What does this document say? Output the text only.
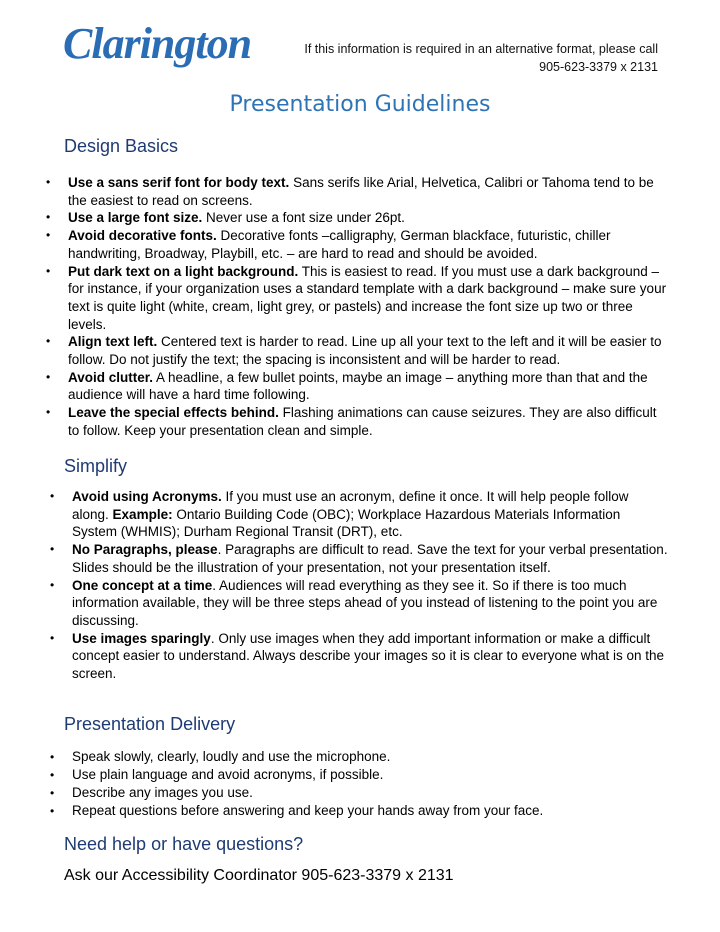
Clarington	If this information is required in an alternative format, please call
905-623-3379 x 2131
Presentation Guidelines
Design Basics
• Use a sans serif font for body text. Sans serifs like Arial, Helvetica, Calibri or Tahoma tend to be the easiest to read on screens.
• Use a large font size. Never use a font size under 26pt.
• Avoid decorative fonts. Decorative fonts –calligraphy, German blackface, futuristic, chiller handwriting, Broadway, Playbill, etc. – are hard to read and should be avoided.
• Put dark text on a light background. This is easiest to read. If you must use a dark background – for instance, if your organization uses a standard template with a dark background – make sure your text is quite light (white, cream, light grey, or pastels) and increase the font size up two or three levels.
• Align text left. Centered text is harder to read. Line up all your text to the left and it will be easier to follow. Do not justify the text; the spacing is inconsistent and will be harder to read.
• Avoid clutter. A headline, a few bullet points, maybe an image – anything more than that and the audience will have a hard time following.
• Leave the special effects behind. Flashing animations can cause seizures. They are also difficult to follow. Keep your presentation clean and simple.
Simplify
• Avoid using Acronyms. If you must use an acronym, define it once. It will help people follow along. Example: Ontario Building Code (OBC); Workplace Hazardous Materials Information System (WHMIS); Durham Regional Transit (DRT), etc.
• No Paragraphs, please. Paragraphs are difficult to read. Save the text for your verbal presentation. Slides should be the illustration of your presentation, not your presentation itself.
• One concept at a time. Audiences will read everything as they see it. So if there is too much information available, they will be three steps ahead of you instead of listening to the point you are discussing.
• Use images sparingly. Only use images when they add important information or make a difficult concept easier to understand. Always describe your images so it is clear to everyone what is on the screen.
Presentation Delivery
• Speak slowly, clearly, loudly and use the microphone.
• Use plain language and avoid acronyms, if possible.
• Describe any images you use.
• Repeat questions before answering and keep your hands away from your face.
Need help or have questions?
Ask our Accessibility Coordinator 905-623-3379 x 2131
